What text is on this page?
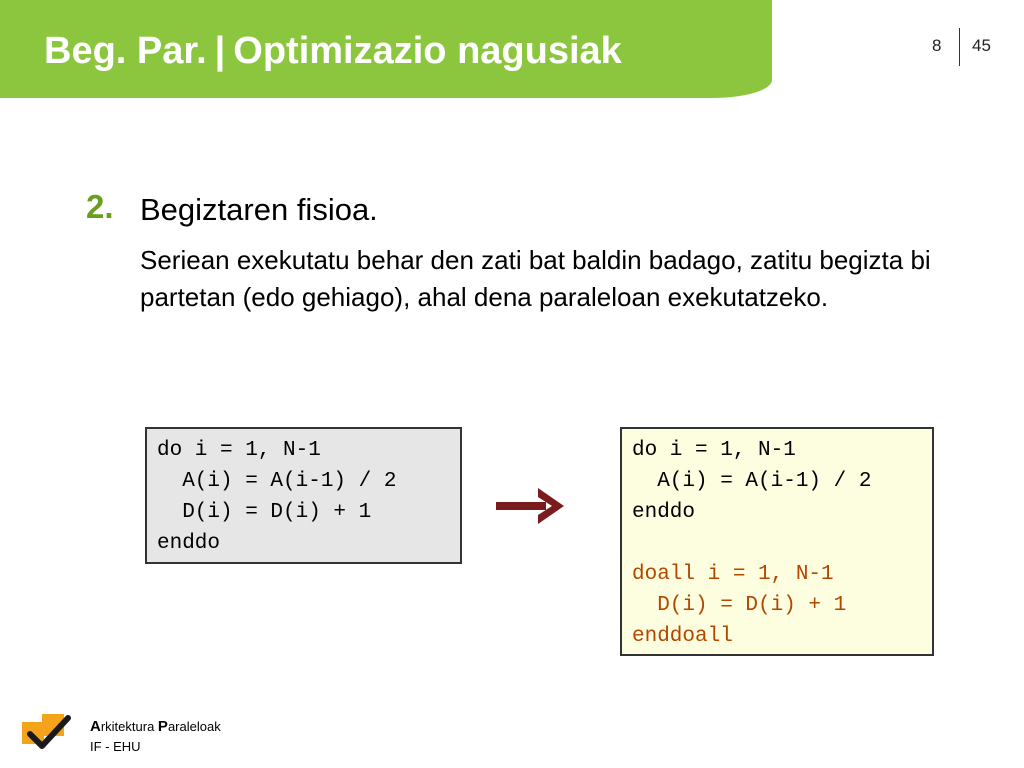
Beg. Par. | Optimizazio nagusiak	8 45
2. Begiztaren fisioa.

Seriean exekutatu behar den zati bat baldin badago, zatitu begizta bi partetan (edo gehiago), ahal dena paraleloan exekutatzeko.

do i = 1, N-1
A(i) = A(i-1) / 2
D(i) = D(i) + 1
enddo
do i = 1, N-1
A(i) = A(i-1) / 2
enddo
doall i = 1, N-1
D(i) = D(i) + 1
enddoall
Arkitektura Paraleloak
IF - EHU
